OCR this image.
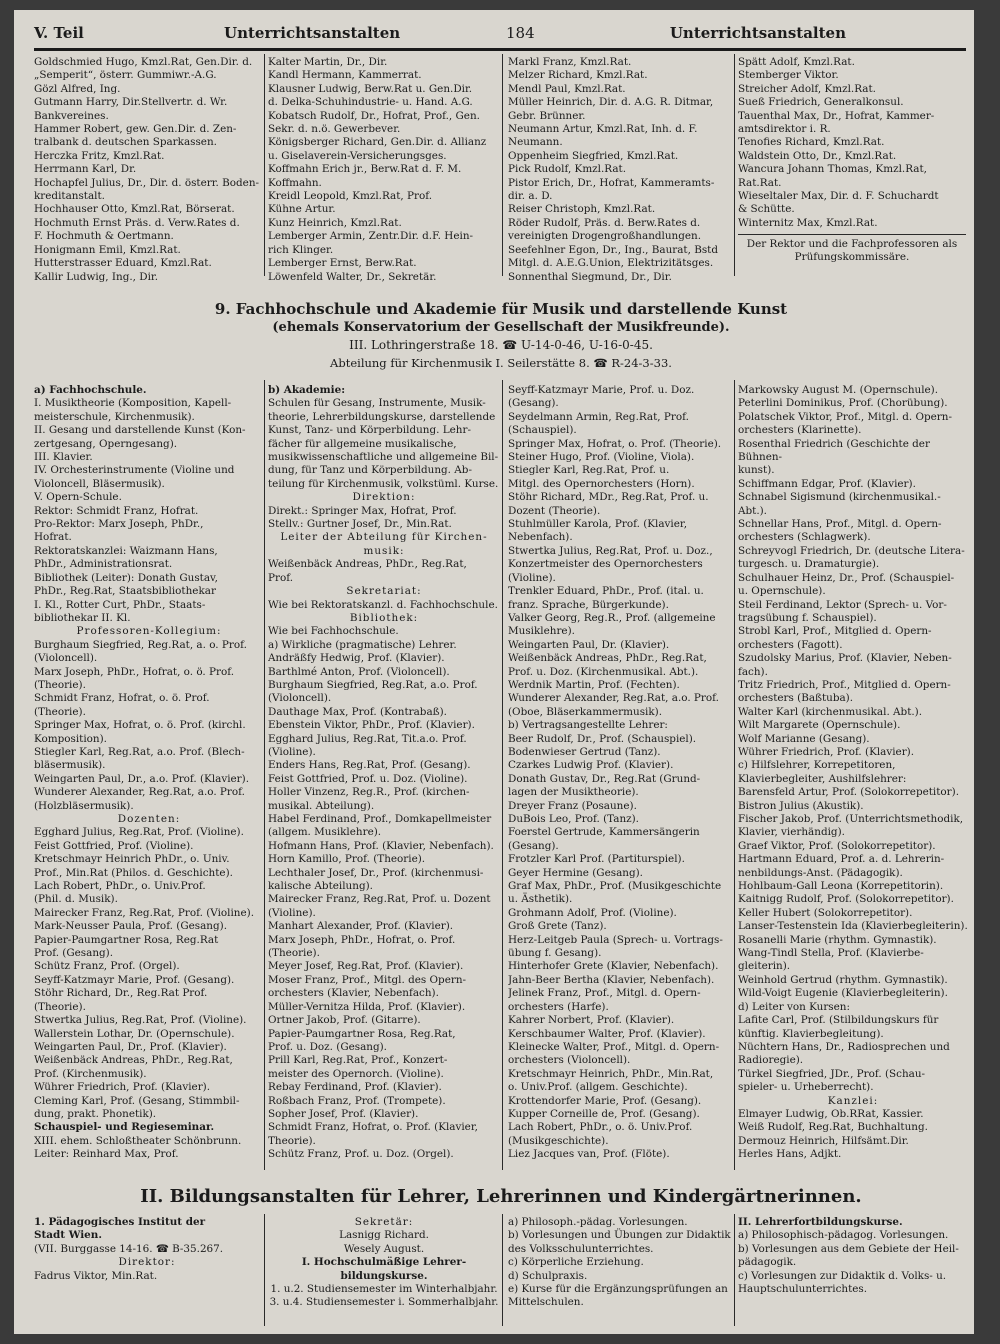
V. Teil	Unterrichtsanstalten	184	Unterrichtsanstalten
Goldschmied Hugo, Kmzl.Rat, Gen.Dir. d.
„Semperit“, österr. Gummiwr.-A.G.
Gözl Alfred, Ing.
Gutmann Harry, Dir.Stellvertr. d. Wr.
Bankvereines.
Hammer Robert, gew. Gen.Dir. d. Zen-
tralbank d. deutschen Sparkassen.
Herczka Fritz, Kmzl.Rat.
Herrmann Karl, Dr.
Hochapfel Julius, Dr., Dir. d. österr. Boden-
kreditanstalt.
Hochhauser Otto, Kmzl.Rat, Börserat.
Hochmuth Ernst Präs. d. Verw.Rates d.
F. Hochmuth & Oertmann.
Honigmann Emil, Kmzl.Rat.
Hutterstrasser Eduard, Kmzl.Rat.
Kallir Ludwig, Ing., Dir.
Kalter Martin, Dr., Dir.
Kandl Hermann, Kammerrat.
Klausner Ludwig, Berw.Rat u. Gen.Dir.
d. Delka-Schuhindustrie- u. Hand. A.G.
Kobatsch Rudolf, Dr., Hofrat, Prof., Gen.
Sekr. d. n.ö. Gewerbever.
Königsberger Richard, Gen.Dir. d. Allianz
u. Giselaverein-Versicherungsges.
Koffmahn Erich jr., Berw.Rat d. F. M.
Koffmahn.
Kreidl Leopold, Kmzl.Rat, Prof.
Kühne Artur.
Kunz Heinrich, Kmzl.Rat.
Lemberger Armin, Zentr.Dir. d.F. Hein-
rich Klinger.
Lemberger Ernst, Berw.Rat.
Löwenfeld Walter, Dr., Sekretär.
Markl Franz, Kmzl.Rat.
Melzer Richard, Kmzl.Rat.
Mendl Paul, Kmzl.Rat.
Müller Heinrich, Dir. d. A.G. R. Ditmar,
Gebr. Brünner.
Neumann Artur, Kmzl.Rat, Inh. d. F.
Neumann.
Oppenheim Siegfried, Kmzl.Rat.
Pick Rudolf, Kmzl.Rat.
Pistor Erich, Dr., Hofrat, Kammeramts-
dir. a. D.
Reiser Christoph, Kmzl.Rat.
Röder Rudolf, Präs. d. Berw.Rates d.
vereinigten Drogengroßhandlungen.
Seefehlner Egon, Dr., Ing., Baurat, Bstd
Mitgl. d. A.E.G.Union, Elektrizitätsges.
Sonnenthal Siegmund, Dr., Dir.
Spätt Adolf, Kmzl.Rat.
Stemberger Viktor.
Streicher Adolf, Kmzl.Rat.
Sueß Friedrich, Generalkonsul.
Tauenthal Max, Dr., Hofrat, Kammer-
amtsdirektor i. R.
Tenofies Richard, Kmzl.Rat.
Waldstein Otto, Dr., Kmzl.Rat.
Wancura Johann Thomas, Kmzl.Rat,
Rat.Rat.
Wieseltaler Max, Dir. d. F. Schuchardt
& Schütte.
Winternitz Max, Kmzl.Rat.
Der Rektor und die Fachprofessoren als
Prüfungskommissäre.
9. Fachhochschule und Akademie für Musik und darstellende Kunst
(ehemals Konservatorium der Gesellschaft der Musikfreunde).
III. Lothringerstraße 18. ☎ U-14-0-46, U-16-0-45.
Abteilung für Kirchenmusik I. Seilerstätte 8. ☎ R-24-3-33.
a) Fachhochschule.
I. Musiktheorie (Komposition, Kapell-
meisterschule, Kirchenmusik).
II. Gesang und darstellende Kunst (Kon-
zertgesang, Operngesang).
III. Klavier.
IV. Orchesterinstrumente (Violine und
Violoncell, Bläsermusik).
V. Opern-Schule.
Rektor: Schmidt Franz, Hofrat.
Pro-Rektor: Marx Joseph, PhDr.,
Hofrat.
Rektoratskanzlei: Waizmann Hans,
PhDr., Administrationsrat.
Bibliothek (Leiter): Donath Gustav,
PhDr., Reg.Rat, Staatsbibliothekar
I. Kl., Rotter Curt, PhDr., Staats-
bibliothekar II. Kl.
Professoren-Kollegium:
Burghaum Siegfried, Reg.Rat, a. o. Prof.
(Violoncell).
Marx Joseph, PhDr., Hofrat, o. ö. Prof.
(Theorie).
Schmidt Franz, Hofrat, o. ö. Prof.
(Theorie).
Springer Max, Hofrat, o. ö. Prof. (kirchl.
Komposition).
Stiegler Karl, Reg.Rat, a.o. Prof. (Blech-
bläsermusik).
Weingarten Paul, Dr., a.o. Prof. (Klavier).
Wunderer Alexander, Reg.Rat, a.o. Prof.
(Holzbläsermusik).
Dozenten:
Egghard Julius, Reg.Rat, Prof. (Violine).
Feist Gottfried, Prof. (Violine).
Kretschmayr Heinrich PhDr., o. Univ.
Prof., Min.Rat (Philos. d. Geschichte).
Lach Robert, PhDr., o. Univ.Prof.
(Phil. d. Musik).
Mairecker Franz, Reg.Rat, Prof. (Violine).
Mark-Neusser Paula, Prof. (Gesang).
Papier-Paumgartner Rosa, Reg.Rat
Prof. (Gesang).
Schütz Franz, Prof. (Orgel).
Seyff-Katzmayr Marie, Prof. (Gesang).
Stöhr Richard, Dr., Reg.Rat Prof.
(Theorie).
Stwertka Julius, Reg.Rat, Prof. (Violine).
Wallerstein Lothar, Dr. (Opernschule).
Weingarten Paul, Dr., Prof. (Klavier).
Weißenbäck Andreas, PhDr., Reg.Rat,
Prof. (Kirchenmusik).
Wührer Friedrich, Prof. (Klavier).
Cleming Karl, Prof. (Gesang, Stimmbil-
dung, prakt. Phonetik).
Schauspiel- und Regieseminar.
XIII. ehem. Schloßtheater Schönbrunn.
Leiter: Reinhard Max, Prof.
b) Akademie:
Schulen für Gesang, Instrumente, Musik-
theorie, Lehrerbildungskurse, darstellende
Kunst, Tanz- und Körperbildung. Lehr-
fächer für allgemeine musikalische,
musikwissenschaftliche und allgemeine Bil-
dung, für Tanz und Körperbildung. Ab-
teilung für Kirchenmusik, volkstüml. Kurse.
Direktion:
Direkt.: Springer Max, Hofrat, Prof.
Stellv.: Gurtner Josef, Dr., Min.Rat.
Leiter der Abteilung für Kirchen-
musik:
Weißenbäck Andreas, PhDr., Reg.Rat,
Prof.
Sekretariat:
Wie bei Rektoratskanzl. d. Fachhochschule.
Bibliothek:
Wie bei Fachhochschule.
a) Wirkliche (pragmatische) Lehrer.
Andräßfy Hedwig, Prof. (Klavier).
Barthlmé Anton, Prof. (Violoncell).
Burghaum Siegfried, Reg.Rat, a.o. Prof.
(Violoncell).
Dauthage Max, Prof. (Kontrabaß).
Ebenstein Viktor, PhDr., Prof. (Klavier).
Egghard Julius, Reg.Rat, Tit.a.o. Prof.
(Violine).
Enders Hans, Reg.Rat, Prof. (Gesang).
Feist Gottfried, Prof. u. Doz. (Violine).
Holler Vinzenz, Reg.R., Prof. (kirchen-
musikal. Abteilung).
Habel Ferdinand, Prof., Domkapellmeister
(allgem. Musiklehre).
Hofmann Hans, Prof. (Klavier, Nebenfach).
Horn Kamillo, Prof. (Theorie).
Lechthaler Josef, Dr., Prof. (kirchenmusi-
kalische Abteilung).
Mairecker Franz, Reg.Rat, Prof. u. Dozent
(Violine).
Manhart Alexander, Prof. (Klavier).
Marx Joseph, PhDr., Hofrat, o. Prof.
(Theorie).
Meyer Josef, Reg.Rat, Prof. (Klavier).
Moser Franz, Prof., Mitgl. des Opern-
orchesters (Klavier, Nebenfach).
Müller-Vernitza Hilda, Prof. (Klavier).
Ortner Jakob, Prof. (Gitarre).
Papier-Paumgartner Rosa, Reg.Rat,
Prof. u. Doz. (Gesang).
Prill Karl, Reg.Rat, Prof., Konzert-
meister des Opernorch. (Violine).
Rebay Ferdinand, Prof. (Klavier).
Roßbach Franz, Prof. (Trompete).
Sopher Josef, Prof. (Klavier).
Schmidt Franz, Hofrat, o. Prof. (Klavier,
Theorie).
Schütz Franz, Prof. u. Doz. (Orgel).
Seyff-Katzmayr Marie, Prof. u. Doz.
(Gesang).
Seydelmann Armin, Reg.Rat, Prof.
(Schauspiel).
Springer Max, Hofrat, o. Prof. (Theorie).
Steiner Hugo, Prof. (Violine, Viola).
Stiegler Karl, Reg.Rat, Prof. u.
Mitgl. des Opernorchesters (Horn).
Stöhr Richard, MDr., Reg.Rat, Prof. u.
Dozent (Theorie).
Stuhlmüller Karola, Prof. (Klavier,
Nebenfach).
Stwertka Julius, Reg.Rat, Prof. u. Doz.,
Konzertmeister des Opernorchesters
(Violine).
Trenkler Eduard, PhDr., Prof. (ital. u.
franz. Sprache, Bürgerkunde).
Valker Georg, Reg.R., Prof. (allgemeine
Musiklehre).
Weingarten Paul, Dr. (Klavier).
Weißenbäck Andreas, PhDr., Reg.Rat,
Prof. u. Doz. (Kirchenmusikal. Abt.).
Werdnik Martin, Prof. (Fechten).
Wunderer Alexander, Reg.Rat, a.o. Prof.
(Oboe, Bläserkammermusik).
b) Vertragsangestellte Lehrer:
Beer Rudolf, Dr., Prof. (Schauspiel).
Bodenwieser Gertrud (Tanz).
Czarkes Ludwig Prof. (Klavier).
Donath Gustav, Dr., Reg.Rat (Grund-
lagen der Musiktheorie).
Dreyer Franz (Posaune).
DuBois Leo, Prof. (Tanz).
Foerstel Gertrude, Kammersängerin
(Gesang).
Frotzler Karl Prof. (Partiturspiel).
Geyer Hermine (Gesang).
Graf Max, PhDr., Prof. (Musikgeschichte
u. Ästhetik).
Grohmann Adolf, Prof. (Violine).
Groß Grete (Tanz).
Herz-Leitgeb Paula (Sprech- u. Vortrags-
übung f. Gesang).
Hinterhofer Grete (Klavier, Nebenfach).
Jahn-Beer Bertha (Klavier, Nebenfach).
Jelinek Franz, Prof., Mitgl. d. Opern-
orchesters (Harfe).
Kahrer Norbert, Prof. (Klavier).
Kerschbaumer Walter, Prof. (Klavier).
Kleinecke Walter, Prof., Mitgl. d. Opern-
orchesters (Violoncell).
Kretschmayr Heinrich, PhDr., Min.Rat,
o. Univ.Prof. (allgem. Geschichte).
Krottendorfer Marie, Prof. (Gesang).
Kupper Corneille de, Prof. (Gesang).
Lach Robert, PhDr., o. ö. Univ.Prof.
(Musikgeschichte).
Liez Jacques van, Prof. (Flöte).
Markowsky August M. (Opernschule).
Peterlini Dominikus, Prof. (Chorübung).
Polatschek Viktor, Prof., Mitgl. d. Opern-
orchesters (Klarinette).
Rosenthal Friedrich (Geschichte der Bühnen-
kunst).
Schiffmann Edgar, Prof. (Klavier).
Schnabel Sigismund (kirchenmusikal.-Abt.).
Schnellar Hans, Prof., Mitgl. d. Opern-
orchesters (Schlagwerk).
Schreyvogl Friedrich, Dr. (deutsche Litera-
turgesch. u. Dramaturgie).
Schulhauer Heinz, Dr., Prof. (Schauspiel-
u. Opernschule).
Steil Ferdinand, Lektor (Sprech- u. Vor-
tragsübung f. Schauspiel).
Strobl Karl, Prof., Mitglied d. Opern-
orchesters (Fagott).
Szudolsky Marius, Prof. (Klavier, Neben-
fach).
Tritz Friedrich, Prof., Mitglied d. Opern-
orchesters (Baßtuba).
Walter Karl (kirchenmusikal. Abt.).
Wilt Margarete (Opernschule).
Wolf Marianne (Gesang).
Wührer Friedrich, Prof. (Klavier).
c) Hilfslehrer, Korrepetitoren,
Klavierbegleiter, Aushilfslehrer:
Barensfeld Artur, Prof. (Solokorrepetitor).
Bistron Julius (Akustik).
Fischer Jakob, Prof. (Unterrichtsmethodik,
Klavier, vierhändig).
Graef Viktor, Prof. (Solokorrepetitor).
Hartmann Eduard, Prof. a. d. Lehrerin-
nenbildungs-Anst. (Pädagogik).
Hohlbaum-Gall Leona (Korrepetitorin).
Kaitnigg Rudolf, Prof. (Solokorrepetitor).
Keller Hubert (Solokorrepetitor).
Lanser-Testenstein Ida (Klavierbegleiterin).
Rosanelli Marie (rhythm. Gymnastik).
Wang-Tindl Stella, Prof. (Klavierbe-
gleiterin).
Weinhold Gertrud (rhythm. Gymnastik).
Wild-Voigt Eugenie (Klavierbegleiterin).
d) Leiter von Kursen:
Lafite Carl, Prof. (Stilbildungskurs für
künftig. Klavierbegleitung).
Nüchtern Hans, Dr., Radiosprechen und
Radioregie).
Türkel Siegfried, JDr., Prof. (Schau-
spieler- u. Urheberrecht).
Kanzlei:
Elmayer Ludwig, Ob.RRat, Kassier.
Weiß Rudolf, Reg.Rat, Buchhaltung.
Dermouz Heinrich, Hilfsämt.Dir.
Herles Hans, Adjkt.
II. Bildungsanstalten für Lehrer, Lehrerinnen und Kindergärtnerinnen.
1. Pädagogisches Institut der
Stadt Wien.
(VII. Burggasse 14-16. ☎ B-35.267.
Direktor:
Fadrus Viktor, Min.Rat.
Sekretär:
Lasnigg Richard.
Wesely August.
I. Hochschulmäßige Lehrer-
bildungskurse.
1. u.2. Studiensemester im Winterhalbjahr.
3. u.4. Studiensemester i. Sommerhalbjahr.
a) Philosoph.-pädag. Vorlesungen.
b) Vorlesungen und Übungen zur Didaktik
des Volksschulunterrichtes.
c) Körperliche Erziehung.
d) Schulpraxis.
e) Kurse für die Ergänzungsprüfungen an
Mittelschulen.
II. Lehrerfortbildungskurse.
a) Philosophisch-pädagog. Vorlesungen.
b) Vorlesungen aus dem Gebiete der Heil-
pädagogik.
c) Vorlesungen zur Didaktik d. Volks- u.
Hauptschulunterrichtes.
